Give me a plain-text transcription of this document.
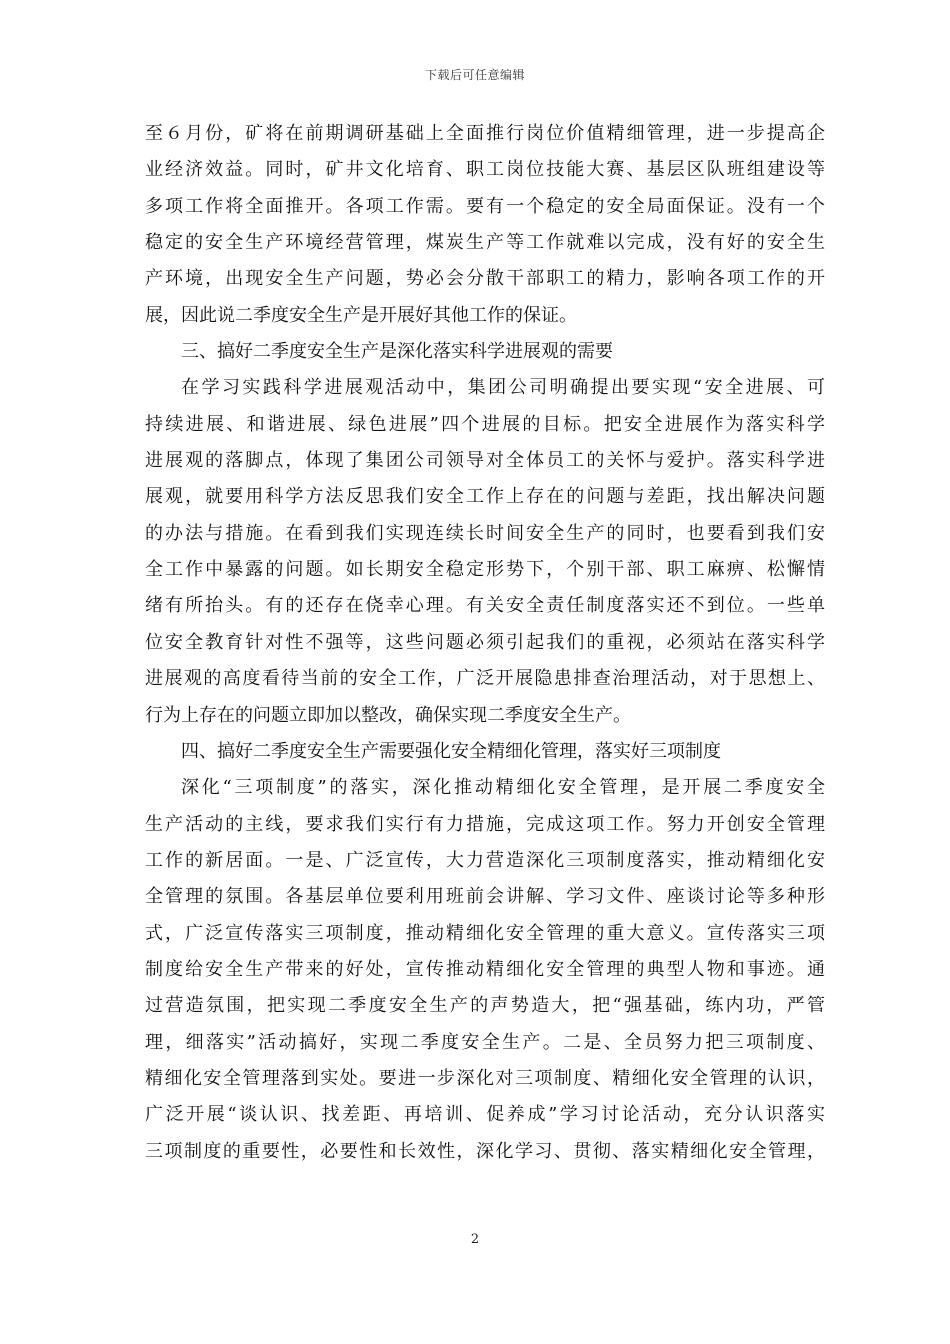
下载后可任意编辑
至６月份，矿将在前期调研基础上全面推行岗位价值精细管理，进一步提高企
业经济效益。同时，矿井文化培育、职工岗位技能大赛、基层区队班组建设等
多项工作将全面推开。各项工作需。要有一个稳定的安全局面保证。没有一个
稳定的安全生产环境经营管理，煤炭生产等工作就难以完成，没有好的安全生
产环境，出现安全生产问题，势必会分散干部职工的精力，影响各项工作的开
展，因此说二季度安全生产是开展好其他工作的保证。
三、搞好二季度安全生产是深化落实科学进展观的需要
在学习实践科学进展观活动中，集团公司明确提出要实现“安全进展、可
持续进展、和谐进展、绿色进展”四个进展的目标。把安全进展作为落实科学
进展观的落脚点，体现了集团公司领导对全体员工的关怀与爱护。落实科学进
展观，就要用科学方法反思我们安全工作上存在的问题与差距，找出解决问题
的办法与措施。在看到我们实现连续长时间安全生产的同时，也要看到我们安
全工作中暴露的问题。如长期安全稳定形势下，个别干部、职工麻痹、松懈情
绪有所抬头。有的还存在侥幸心理。有关安全责任制度落实还不到位。一些单
位安全教育针对性不强等，这些问题必须引起我们的重视，必须站在落实科学
进展观的高度看待当前的安全工作，广泛开展隐患排查治理活动，对于思想上、
行为上存在的问题立即加以整改，确保实现二季度安全生产。
四、搞好二季度安全生产需要强化安全精细化管理，落实好三项制度
深化“三项制度”的落实，深化推动精细化安全管理，是开展二季度安全
生产活动的主线，要求我们实行有力措施，完成这项工作。努力开创安全管理
工作的新居面。一是、广泛宣传，大力营造深化三项制度落实，推动精细化安
全管理的氛围。各基层单位要利用班前会讲解、学习文件、座谈讨论等多种形
式，广泛宣传落实三项制度，推动精细化安全管理的重大意义。宣传落实三项
制度给安全生产带来的好处，宣传推动精细化安全管理的典型人物和事迹。通
过营造氛围，把实现二季度安全生产的声势造大，把“强基础，练内功，严管
理，细落实”活动搞好，实现二季度安全生产。二是、全员努力把三项制度、
精细化安全管理落到实处。要进一步深化对三项制度、精细化安全管理的认识，
广泛开展“谈认识、找差距、再培训、促养成”学习讨论活动，充分认识落实
三项制度的重要性，必要性和长效性，深化学习、贯彻、落实精细化安全管理，
2
